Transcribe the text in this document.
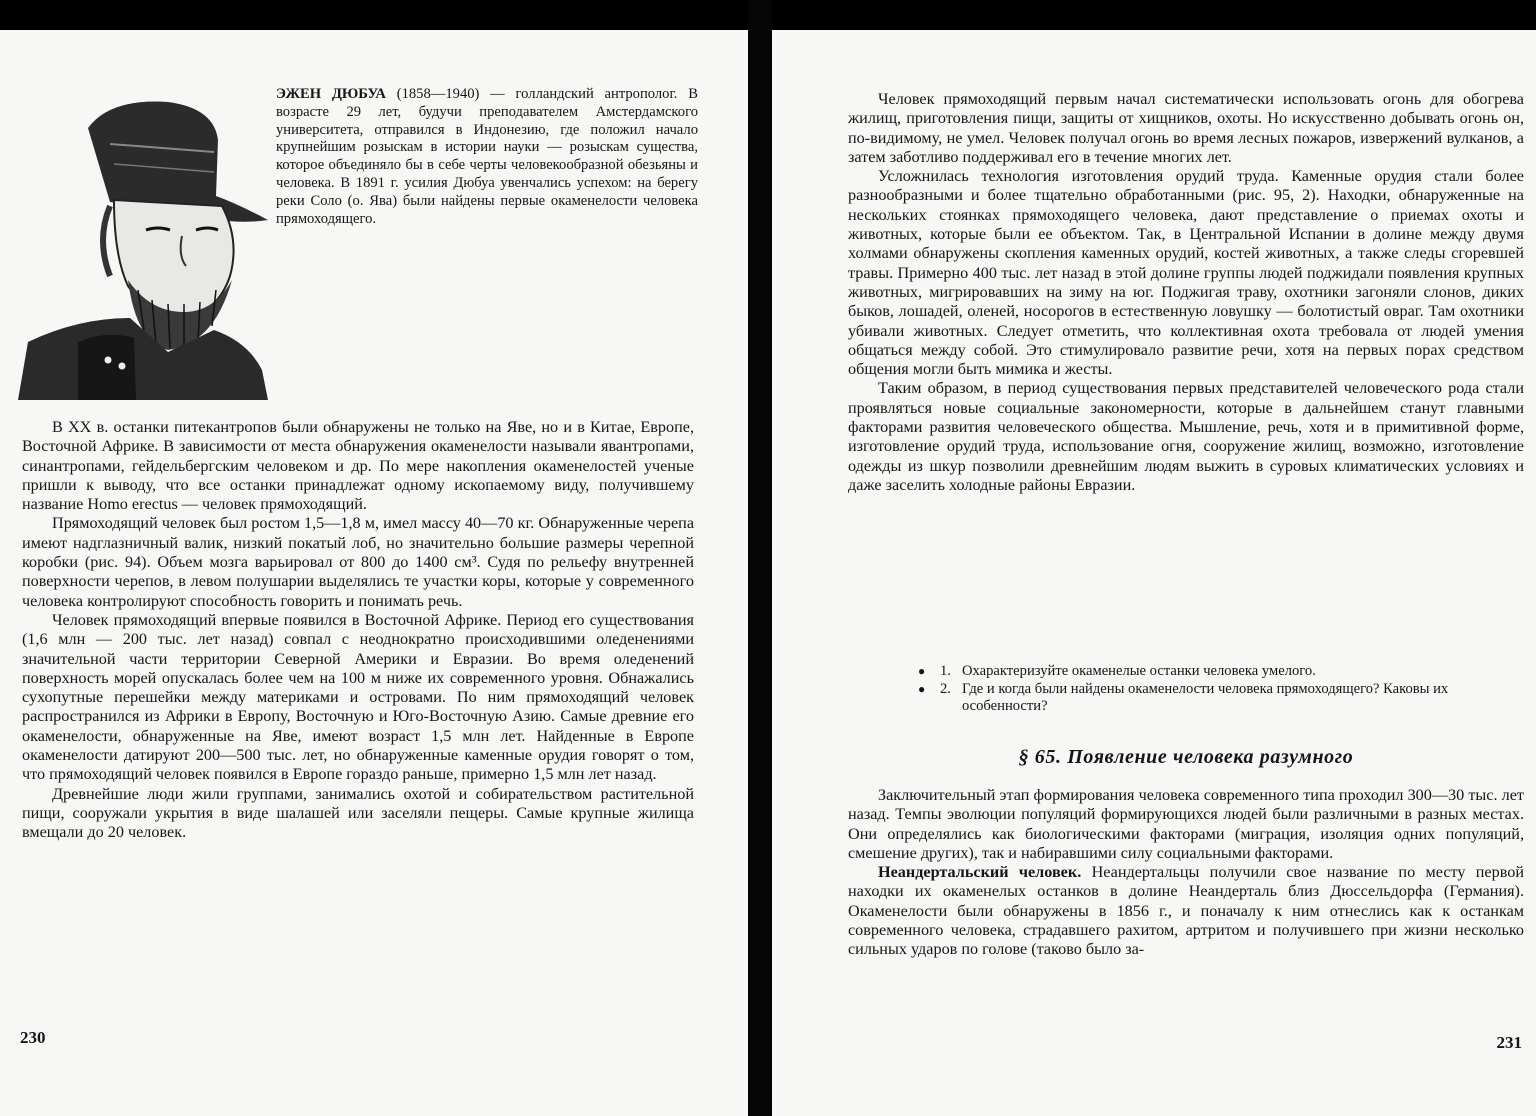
ЭЖЕН ДЮБУА (1858—1940) — голландский антрополог. В возрасте 29 лет, будучи преподавателем Амстердамского университета, отправился в Индонезию, где положил начало крупнейшим розыскам в истории науки — розыскам существа, которое объединяло бы в себе черты человекообразной обезьяны и человека. В 1891 г. усилия Дюбуа увенчались успехом: на берегу реки Соло (о. Ява) были найдены первые окаменелости человека прямоходящего.

В XX в. останки питекантропов были обнаружены не только на Яве, но и в Китае, Европе, Восточной Африке. В зависимости от места обнаружения окаменелости называли явантропами, синантропами, гейдельбергским человеком и др. По мере накопления окаменелостей ученые пришли к выводу, что все останки принадлежат одному ископаемому виду, получившему название Homo erectus — человек прямоходящий.

Прямоходящий человек был ростом 1,5—1,8 м, имел массу 40—70 кг. Обнаруженные черепа имеют надглазничный валик, низкий покатый лоб, но значительно большие размеры черепной коробки (рис. 94). Объем мозга варьировал от 800 до 1400 см³. Судя по рельефу внутренней поверхности черепов, в левом полушарии выделялись те участки коры, которые у современного человека контролируют способность говорить и понимать речь.

Человек прямоходящий впервые появился в Восточной Африке. Период его существования (1,6 млн — 200 тыс. лет назад) совпал с неоднократно происходившими оледенениями значительной части территории Северной Америки и Евразии. Во время оледенений поверхность морей опускалась более чем на 100 м ниже их современного уровня. Обнажались сухопутные перешейки между материками и островами. По ним прямоходящий человек распространился из Африки в Европу, Восточную и Юго-Восточную Азию. Самые древние его окаменелости, обнаруженные на Яве, имеют возраст 1,5 млн лет. Найденные в Европе окаменелости датируют 200—500 тыс. лет, но обнаруженные каменные орудия говорят о том, что прямоходящий человек появился в Европе гораздо раньше, примерно 1,5 млн лет назад.

Древнейшие люди жили группами, занимались охотой и собирательством растительной пищи, сооружали укрытия в виде шалашей или заселяли пещеры. Самые крупные жилища вмещали до 20 человек.

230

Человек прямоходящий первым начал систематически использовать огонь для обогрева жилищ, приготовления пищи, защиты от хищников, охоты. Но искусственно добывать огонь он, по-видимому, не умел. Человек получал огонь во время лесных пожаров, извержений вулканов, а затем заботливо поддерживал его в течение многих лет.

Усложнилась технология изготовления орудий труда. Каменные орудия стали более разнообразными и более тщательно обработанными (рис. 95, 2). Находки, обнаруженные на нескольких стоянках прямоходящего человека, дают представление о приемах охоты и животных, которые были ее объектом. Так, в Центральной Испании в долине между двумя холмами обнаружены скопления каменных орудий, костей животных, а также следы сгоревшей травы. Примерно 400 тыс. лет назад в этой долине группы людей поджидали появления крупных животных, мигрировавших на зиму на юг. Поджигая траву, охотники загоняли слонов, диких быков, лошадей, оленей, носорогов в естественную ловушку — болотистый овраг. Там охотники убивали животных. Следует отметить, что коллективная охота требовала от людей умения общаться между собой. Это стимулировало развитие речи, хотя на первых порах средством общения могли быть мимика и жесты.

Таким образом, в период существования первых представителей человеческого рода стали проявляться новые социальные закономерности, которые в дальнейшем станут главными факторами развития человеческого общества. Мышление, речь, хотя и в примитивной форме, изготовление орудий труда, использование огня, сооружение жилищ, возможно, изготовление одежды из шкур позволили древнейшим людям выжить в суровых климатических условиях и даже заселить холодные районы Евразии.

●	1. Охарактеризуйте окаменелые останки человека умелого.
●	2. Где и когда были найдены окаменелости человека прямоходящего? Каковы их особенности?
§ 65. Появление человека разумного

Заключительный этап формирования человека современного типа проходил 300—30 тыс. лет назад. Темпы эволюции популяций формирующихся людей были различными в разных местах. Они определялись как биологическими факторами (миграция, изоляция одних популяций, смешение других), так и набиравшими силу социальными факторами.

Неандертальский человек. Неандертальцы получили свое название по месту первой находки их окаменелых останков в долине Неандерталь близ Дюссельдорфа (Германия). Окаменелости были обнаружены в 1856 г., и поначалу к ним отнеслись как к останкам современного человека, страдавшего рахитом, артритом и получившего при жизни несколько сильных ударов по голове (таково было за-

231
